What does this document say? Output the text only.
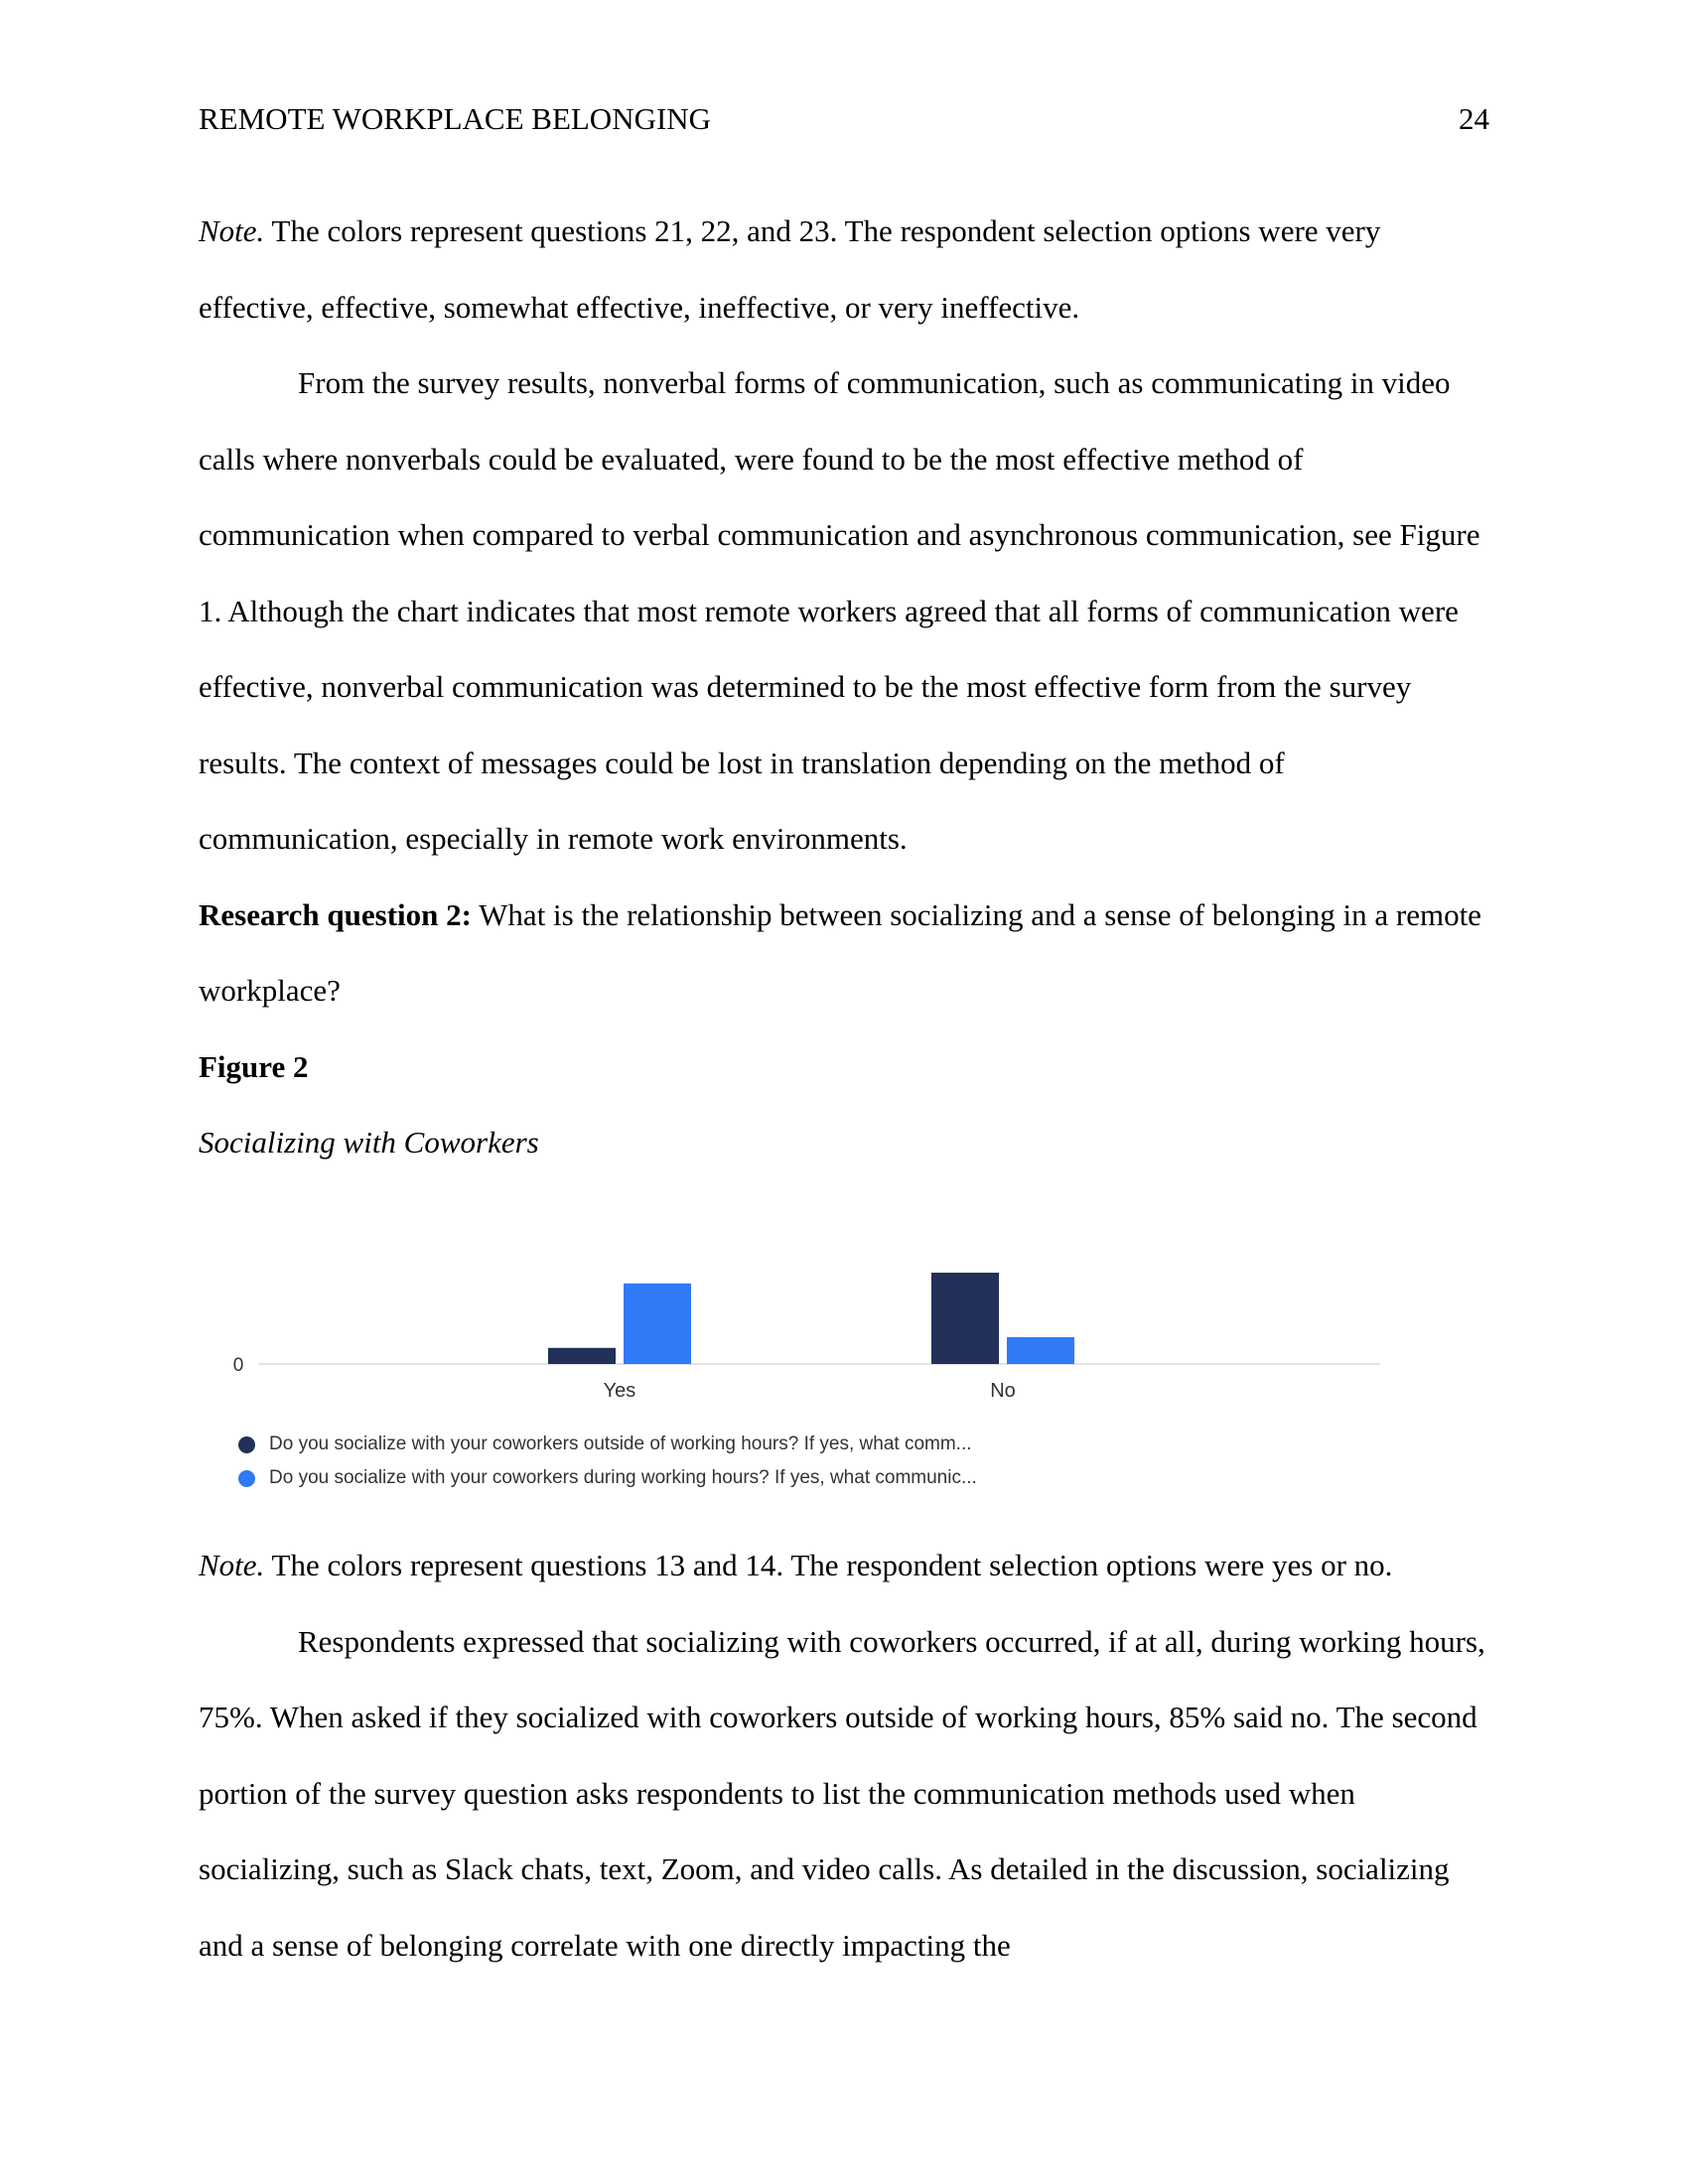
REMOTE WORKPLACE BELONGING	24

Note. The colors represent questions 21, 22, and 23. The respondent selection options were very effective, effective, somewhat effective, ineffective, or very ineffective.

From the survey results, nonverbal forms of communication, such as communicating in video calls where nonverbals could be evaluated, were found to be the most effective method of communication when compared to verbal communication and asynchronous communication, see Figure 1. Although the chart indicates that most remote workers agreed that all forms of communication were effective, nonverbal communication was determined to be the most effective form from the survey results. The context of messages could be lost in translation depending on the method of communication, especially in remote work environments.

Research question 2: What is the relationship between socializing and a sense of belonging in a remote workplace?

Figure 2

Socializing with Coworkers

0
Yes	No
Do you socialize with your coworkers outside of working hours? If yes, what comm...
Do you socialize with your coworkers during working hours? If yes, what communic...

Note. The colors represent questions 13 and 14. The respondent selection options were yes or no.

Respondents expressed that socializing with coworkers occurred, if at all, during working hours, 75%. When asked if they socialized with coworkers outside of working hours, 85% said no. The second portion of the survey question asks respondents to list the communication methods used when socializing, such as Slack chats, text, Zoom, and video calls. As detailed in the discussion, socializing and a sense of belonging correlate with one directly impacting the
